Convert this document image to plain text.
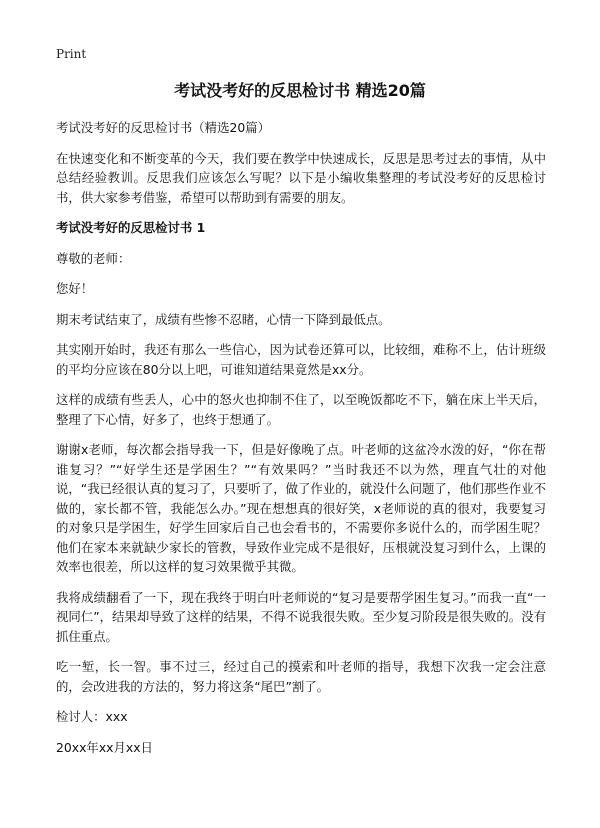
Print
考试没考好的反思检讨书 精选20篇

考试没考好的反思检讨书（精选20篇）

在快速变化和不断变革的今天，我们要在教学中快速成长，反思是思考过去的事情，从中总结经验教训。反思我们应该怎么写呢？以下是小编收集整理的考试没考好的反思检讨书，供大家参考借鉴，希望可以帮助到有需要的朋友。

考试没考好的反思检讨书 1

尊敬的老师：

您好！

期末考试结束了，成绩有些惨不忍睹，心情一下降到最低点。

其实刚开始时，我还有那么一些信心，因为试卷还算可以，比较细，难称不上，估计班级的平均分应该在80分以上吧，可谁知道结果竟然是xx分。

这样的成绩有些丢人，心中的怒火也抑制不住了，以至晚饭都吃不下，躺在床上半天后，整理了下心情，好多了，也终于想通了。

谢谢x老师，每次都会指导我一下，但是好像晚了点。叶老师的这盆冷水泼的好，“你在帮谁复习？”“好学生还是学困生？”“有效果吗？”当时我还不以为然，理直气壮的对他说，“我已经很认真的复习了，只要听了，做了作业的，就没什么问题了，他们那些作业不做的，家长都不管，我能怎么办。”现在想想真的很好笑，x老师说的真的很对，我要复习的对象只是学困生，好学生回家后自己也会看书的，不需要你多说什么的，而学困生呢？他们在家本来就缺少家长的管教，导致作业完成不是很好，压根就没复习到什么，上课的效率也很差，所以这样的复习效果微乎其微。

我将成绩翻看了一下，现在我终于明白叶老师说的“复习是要帮学困生复习。”而我一直“一视同仁”，结果却导致了这样的结果，不得不说我很失败。至少复习阶段是很失败的。没有抓住重点。

吃一堑，长一智。事不过三，经过自己的摸索和叶老师的指导，我想下次我一定会注意的，会改进我的方法的，努力将这条“尾巴”割了。

检讨人：xxx

20xx年xx月xx日
